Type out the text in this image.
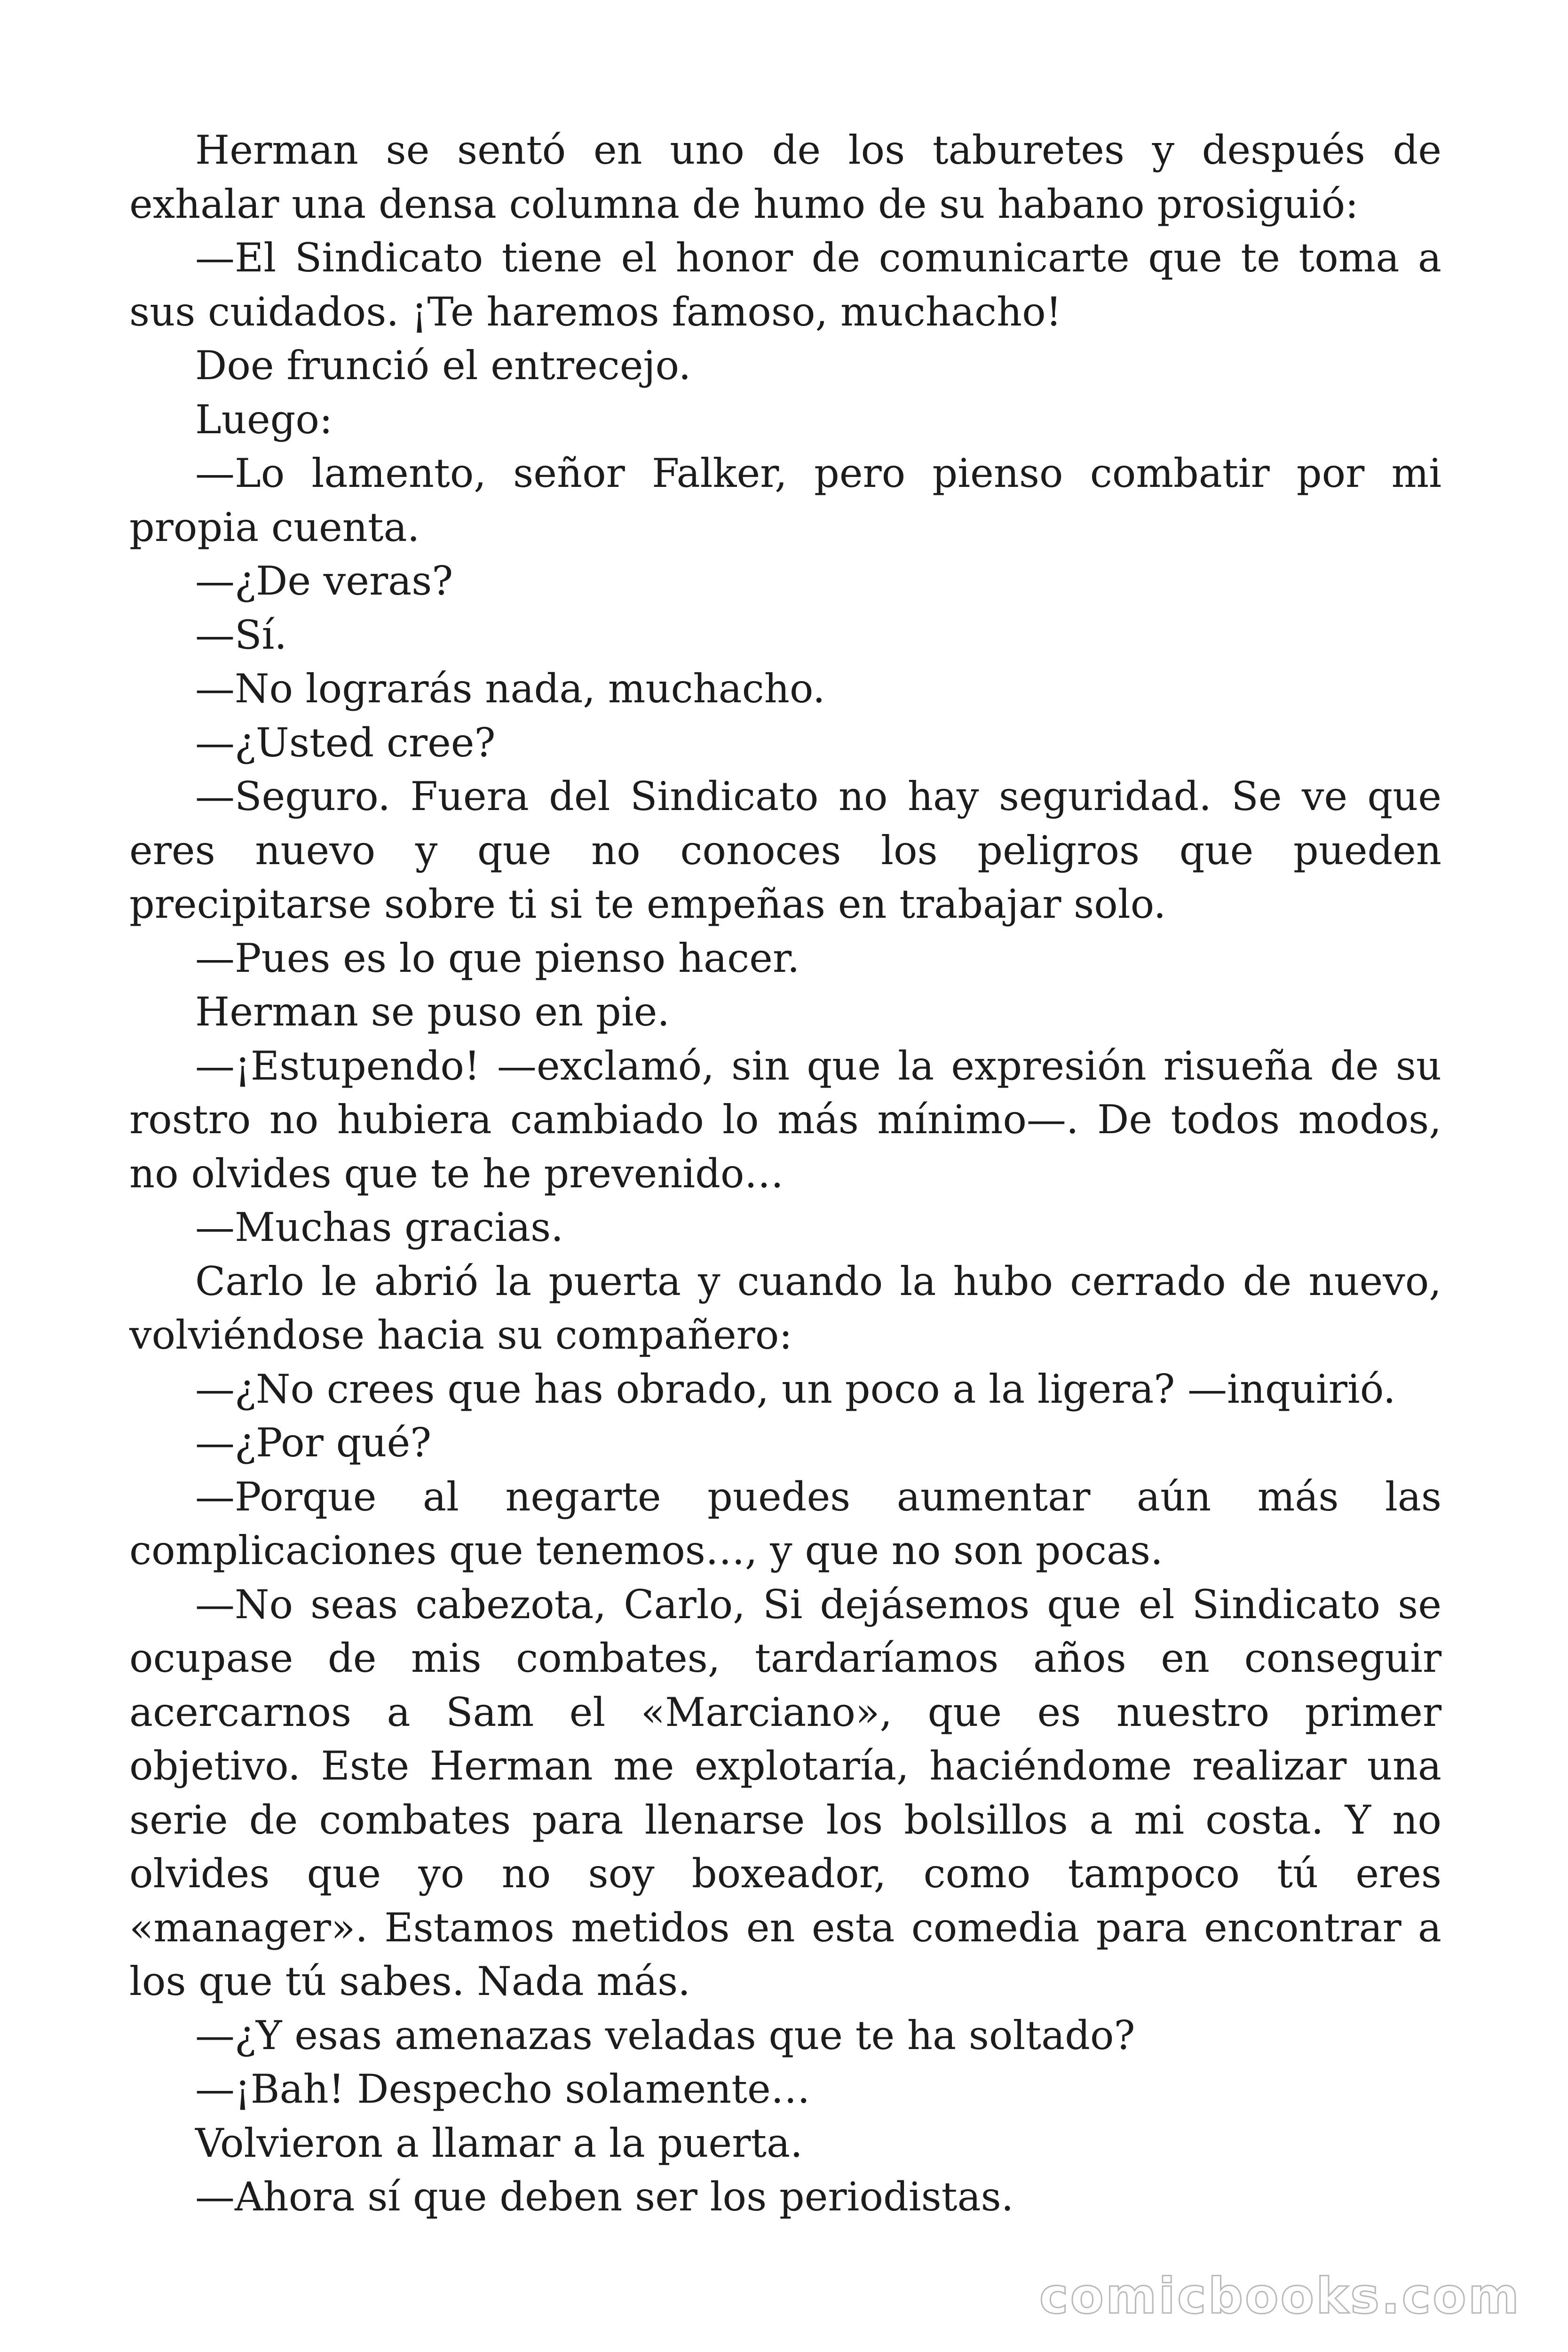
Herman se sentó en uno de los taburetes y después de exhalar una densa columna de humo de su habano prosiguió:

—El Sindicato tiene el honor de comunicarte que te toma a sus cuidados. ¡Te haremos famoso, muchacho!

Doe frunció el entrecejo.

Luego:

—Lo lamento, señor Falker, pero pienso combatir por mi propia cuenta.

—¿De veras?

—Sí.

—No lograrás nada, muchacho.

—¿Usted cree?

—Seguro. Fuera del Sindicato no hay seguridad. Se ve que eres nuevo y que no conoces los peligros que pueden precipitarse sobre ti si te empeñas en trabajar solo.

—Pues es lo que pienso hacer.

Herman se puso en pie.

—¡Estupendo! —exclamó, sin que la expresión risueña de su rostro no hubiera cambiado lo más mínimo—. De todos modos, no olvides que te he prevenido…

—Muchas gracias.

Carlo le abrió la puerta y cuando la hubo cerrado de nuevo, volviéndose hacia su compañero:

—¿No crees que has obrado, un poco a la ligera? —inquirió.

—¿Por qué?

—Porque al negarte puedes aumentar aún más las complicaciones que tenemos…, y que no son pocas.

—No seas cabezota, Carlo, Si dejásemos que el Sindicato se ocupase de mis combates, tardaríamos años en conseguir acercarnos a Sam el «Marciano», que es nuestro primer objetivo. Este Herman me explotaría, haciéndome realizar una serie de combates para llenarse los bolsillos a mi costa. Y no olvides que yo no soy boxeador, como tampoco tú eres «manager». Estamos metidos en esta comedia para encontrar a los que tú sabes. Nada más.

—¿Y esas amenazas veladas que te ha soltado?

—¡Bah! Despecho solamente…

Volvieron a llamar a la puerta.

—Ahora sí que deben ser los periodistas.

comicbooks.com
